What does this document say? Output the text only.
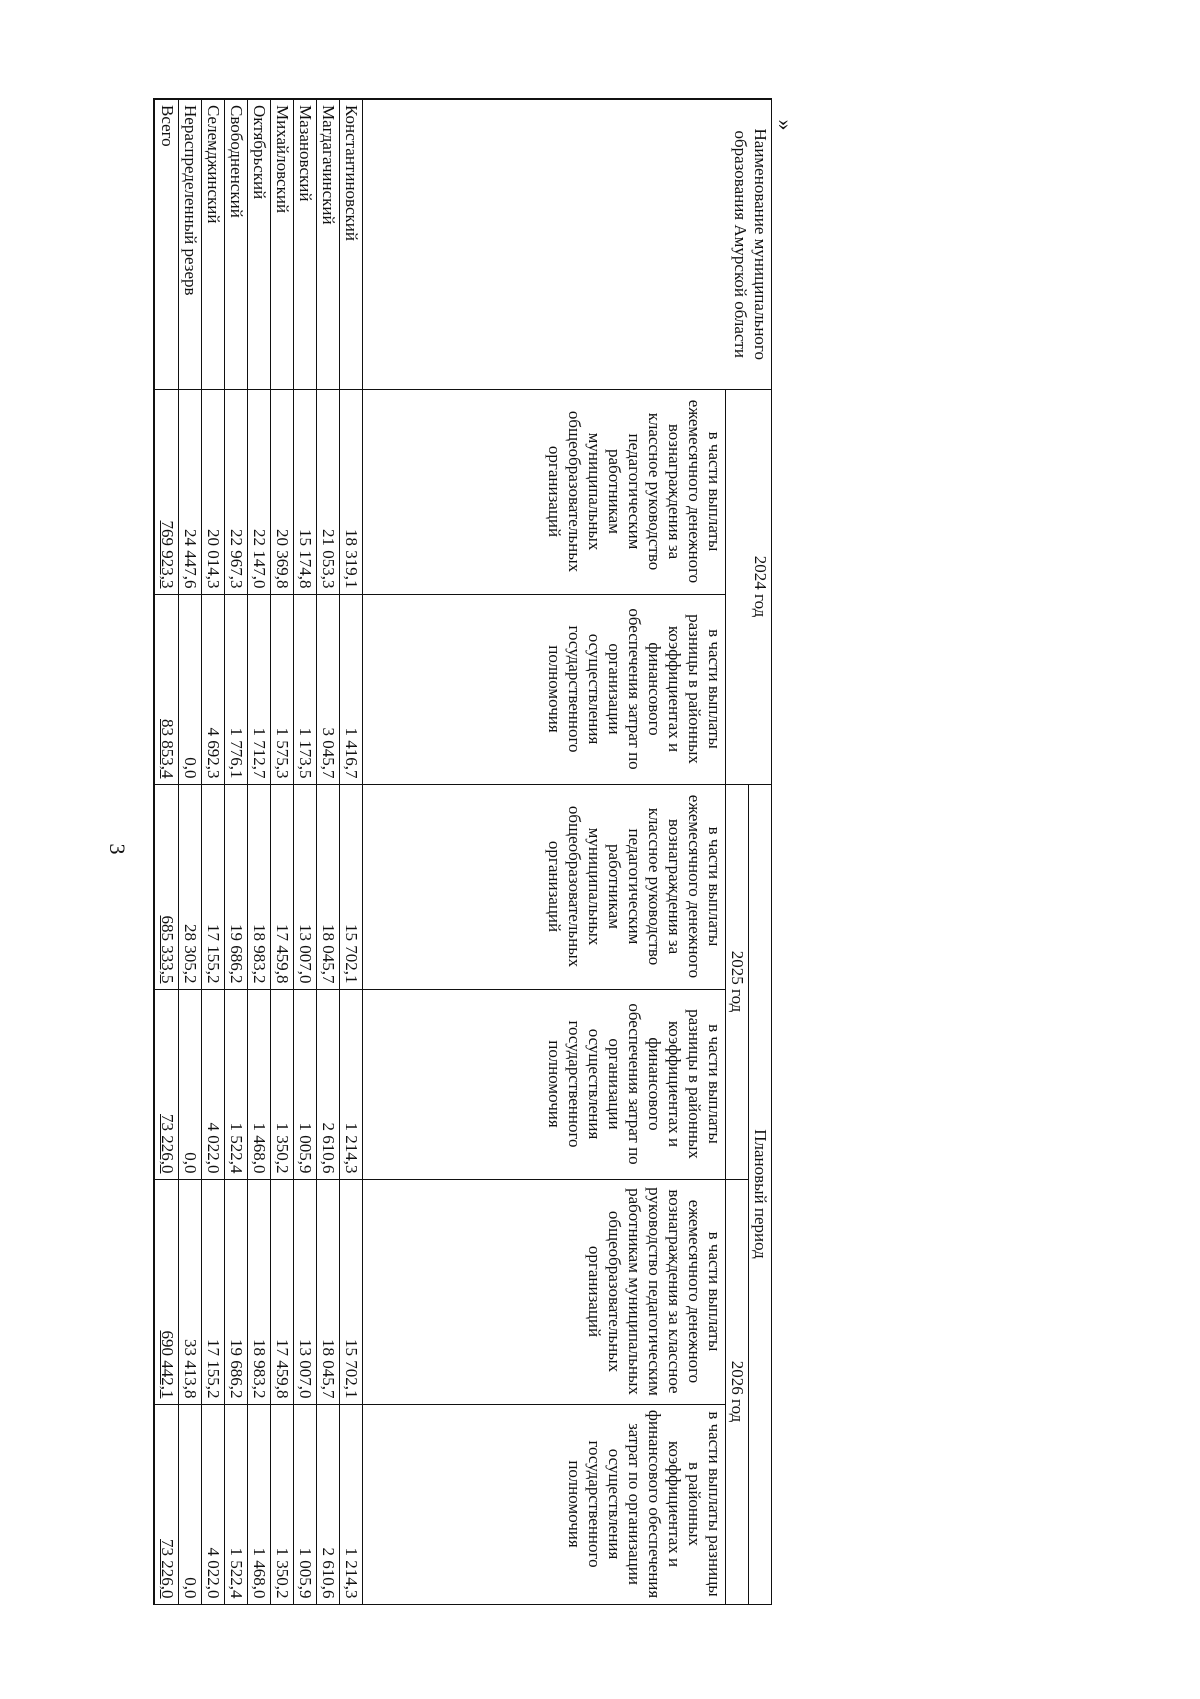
3
»
Наименование муниципального образования Амурской области	2024 год		Плановый период			
			2025 год		2026 год	
	в части выплаты ежемесячного денежного вознаграждения за классное руководство педагогическим работникам муниципальных общеобразовательных организаций	в части выплаты разницы в районных коэффициентах и финансового обеспечения затрат по организации осуществления государственного полномочия	в части выплаты ежемесячного денежного вознаграждения за классное руководство педагогическим работникам муниципальных общеобразовательных организаций	в части выплаты разницы в районных коэффициентах и финансового обеспечения затрат по организации осуществления государственного полномочия	в части выплаты ежемесячного денежного вознаграждения за классное руководство педагогическим работникам муниципальных общеобразовательных организаций	в части выплаты разницы в районных коэффициентах и финансового обеспечения затрат по организации осуществления государственного полномочия
Константиновский	18 319,1	1 416,7	15 702,1	1 214,3	15 702,1	1 214,3
Магдагачинский	21 053,3	3 045,7	18 045,7	2 610,6	18 045,7	2 610,6
Мазановский	15 174,8	1 173,5	13 007,0	1 005,9	13 007,0	1 005,9
Михайловский	20 369,8	1 575,3	17 459,8	1 350,2	17 459,8	1 350,2
Октябрьский	22 147,0	1 712,7	18 983,2	1 468,0	18 983,2	1 468,0
Свободненский	22 967,3	1 776,1	19 686,2	1 522,4	19 686,2	1 522,4
Селемджинский	20 014,3	4 692,3	17 155,2	4 022,0	17 155,2	4 022,0
Нераспределенный резерв	24 447,6	0,0	28 305,2	0,0	33 413,8	0,0
Всего	769 923,3	83 853,4	685 333,5	73 226,0	690 442,1	73 226,0
